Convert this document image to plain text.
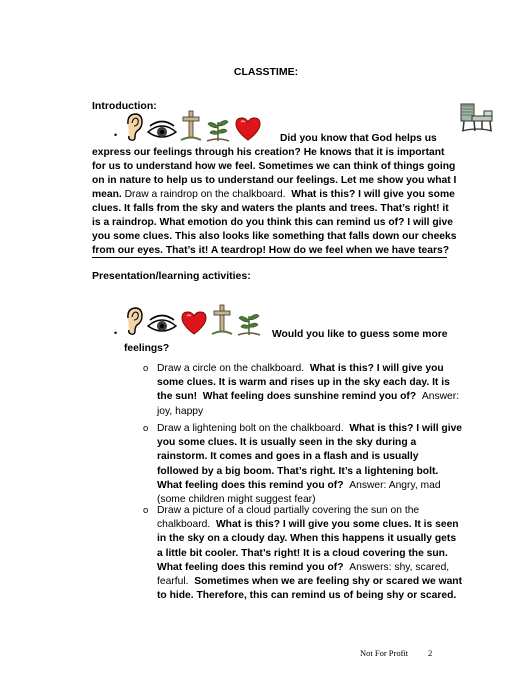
CLASSTIME:
Introduction:
•	Did you know that God helps us
express our feelings through his creation? He knows that it is important
for us to understand how we feel. Sometimes we can think of things going
on in nature to help us to understand our feelings. Let me show you what I
mean. Draw a raindrop on the chalkboard.  What is this? I will give you some
clues. It falls from the sky and waters the plants and trees. That’s right! it
is a raindrop. What emotion do you think this can remind us of? I will give
you some clues. This also looks like something that falls down our cheeks
from our eyes. That’s it! A teardrop! How do we feel when we have tears?
Presentation/learning activities:
•	Would you like to guess some more
feelings?
o Draw a circle on the chalkboard.  What is this? I will give you
some clues. It is warm and rises up in the sky each day. It is
the sun!  What feeling does sunshine remind you of?  Answer:
joy, happy
o Draw a lightening bolt on the chalkboard.  What is this? I will give
you some clues. It is usually seen in the sky during a
rainstorm. It comes and goes in a flash and is usually
followed by a big boom. That’s right. It’s a lightening bolt.
What feeling does this remind you of?  Answer: Angry, mad
(some children might suggest fear)
o Draw a picture of a cloud partially covering the sun on the
chalkboard.  What is this? I will give you some clues. It is seen
in the sky on a cloudy day. When this happens it usually gets
a little bit cooler. That’s right! It is a cloud covering the sun.
What feeling does this remind you of?  Answers: shy, scared,
fearful.  Sometimes when we are feeling shy or scared we want
to hide. Therefore, this can remind us of being shy or scared.
Not For Profit 2
